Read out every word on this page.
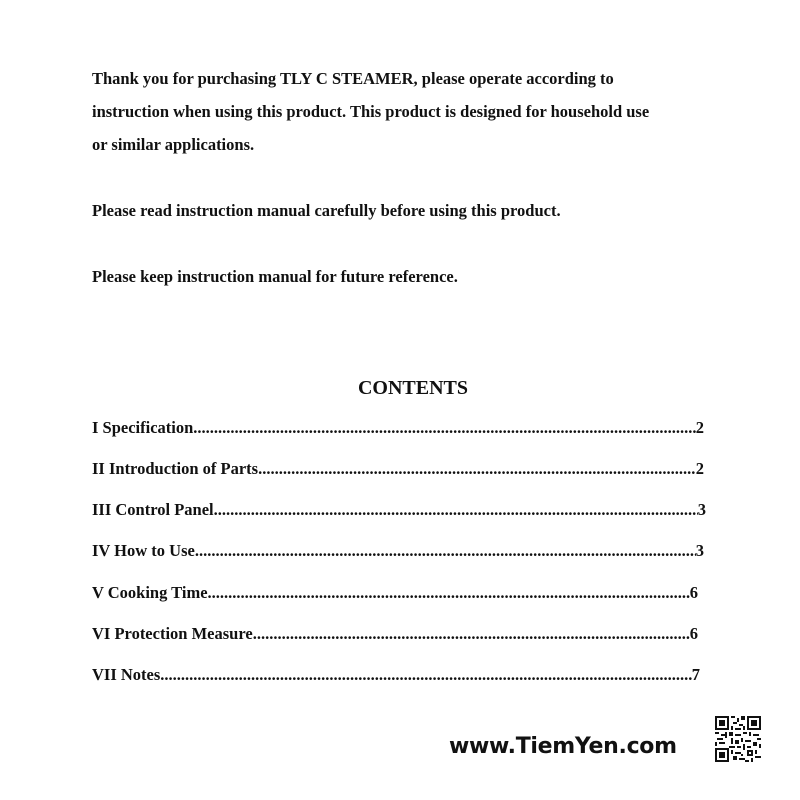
Thank you for purchasing TLY C STEAMER, please operate according to

instruction when using this product. This product is designed for household use

or similar applications.

Please read instruction manual carefully before using this product.

Please keep instruction manual for future reference.

CONTENTS
I Specification .....	2
II Introduction of Parts .....	2
III Control Panel .....	3
IV How to Use .....	3
V Cooking Time .....	6
VI Protection Measure .....	6
VII Notes .....	7
www.TiemYen.com
